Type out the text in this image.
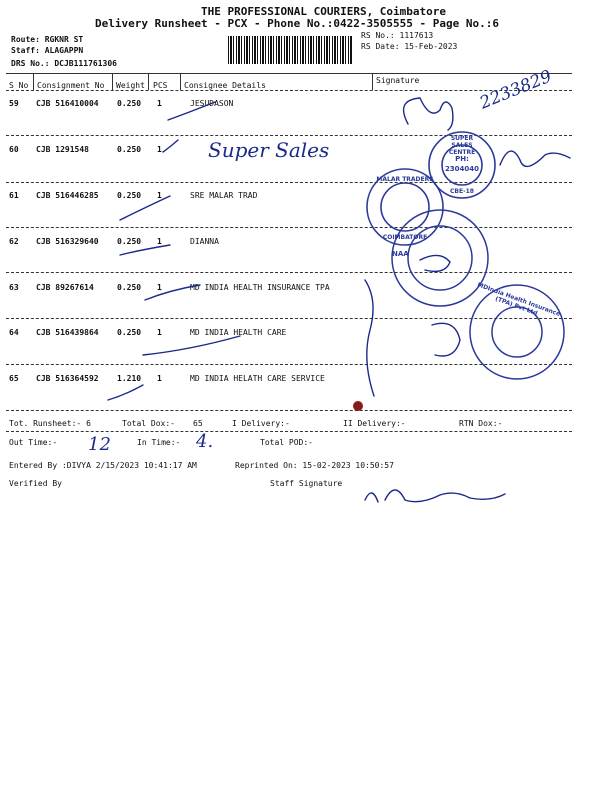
THE PROFESSIONAL COURIERS, Coimbatore
Delivery Runsheet - PCX - Phone No.:0422-3505555 - Page No.:6
Route: RGKNR ST
Staff: ALAGAPPN
DRS No.: DCJB111761306
RS No.: 1117613
RS Date: 15-Feb-2023
S No Consignment No Weight PCS Consignee Details
Signature
59 CJB 516410004 0.250 1	JESUDASON
60 CJB 1291548	0.250 1
61 CJB 516446285 0.250 1	SRE MALAR TRAD
62 CJB 516329640 0.250 1	DIANNA
63 CJB 89267614	0.250 1	MD INDIA HEALTH INSURANCE TPA
64 CJB 516439864 0.250 1	MD INDIA HEALTH CARE
65 CJB 516364592 1.210 1	MD INDIA HELATH CARE SERVICE
Tot. Runsheet:- 6	Total Dox:- 65	I Delivery:-	II Delivery:-	RTN Dox:-
Out Time:-	In Time:-	Total POD:-
Entered By :DIVYA 2/15/2023 10:41:17 AM	Reprinted On: 15-02-2023 10:50:57
Verified By	Staff Signature
Super Sales
2233829
12	4.
SUPER SALES CENTRE
PH:
2304040
CBE-18
MALAR TRADERS
COIMBATORE
NAA
MDIndia Health Insurance (TPA) Pvt Ltd
